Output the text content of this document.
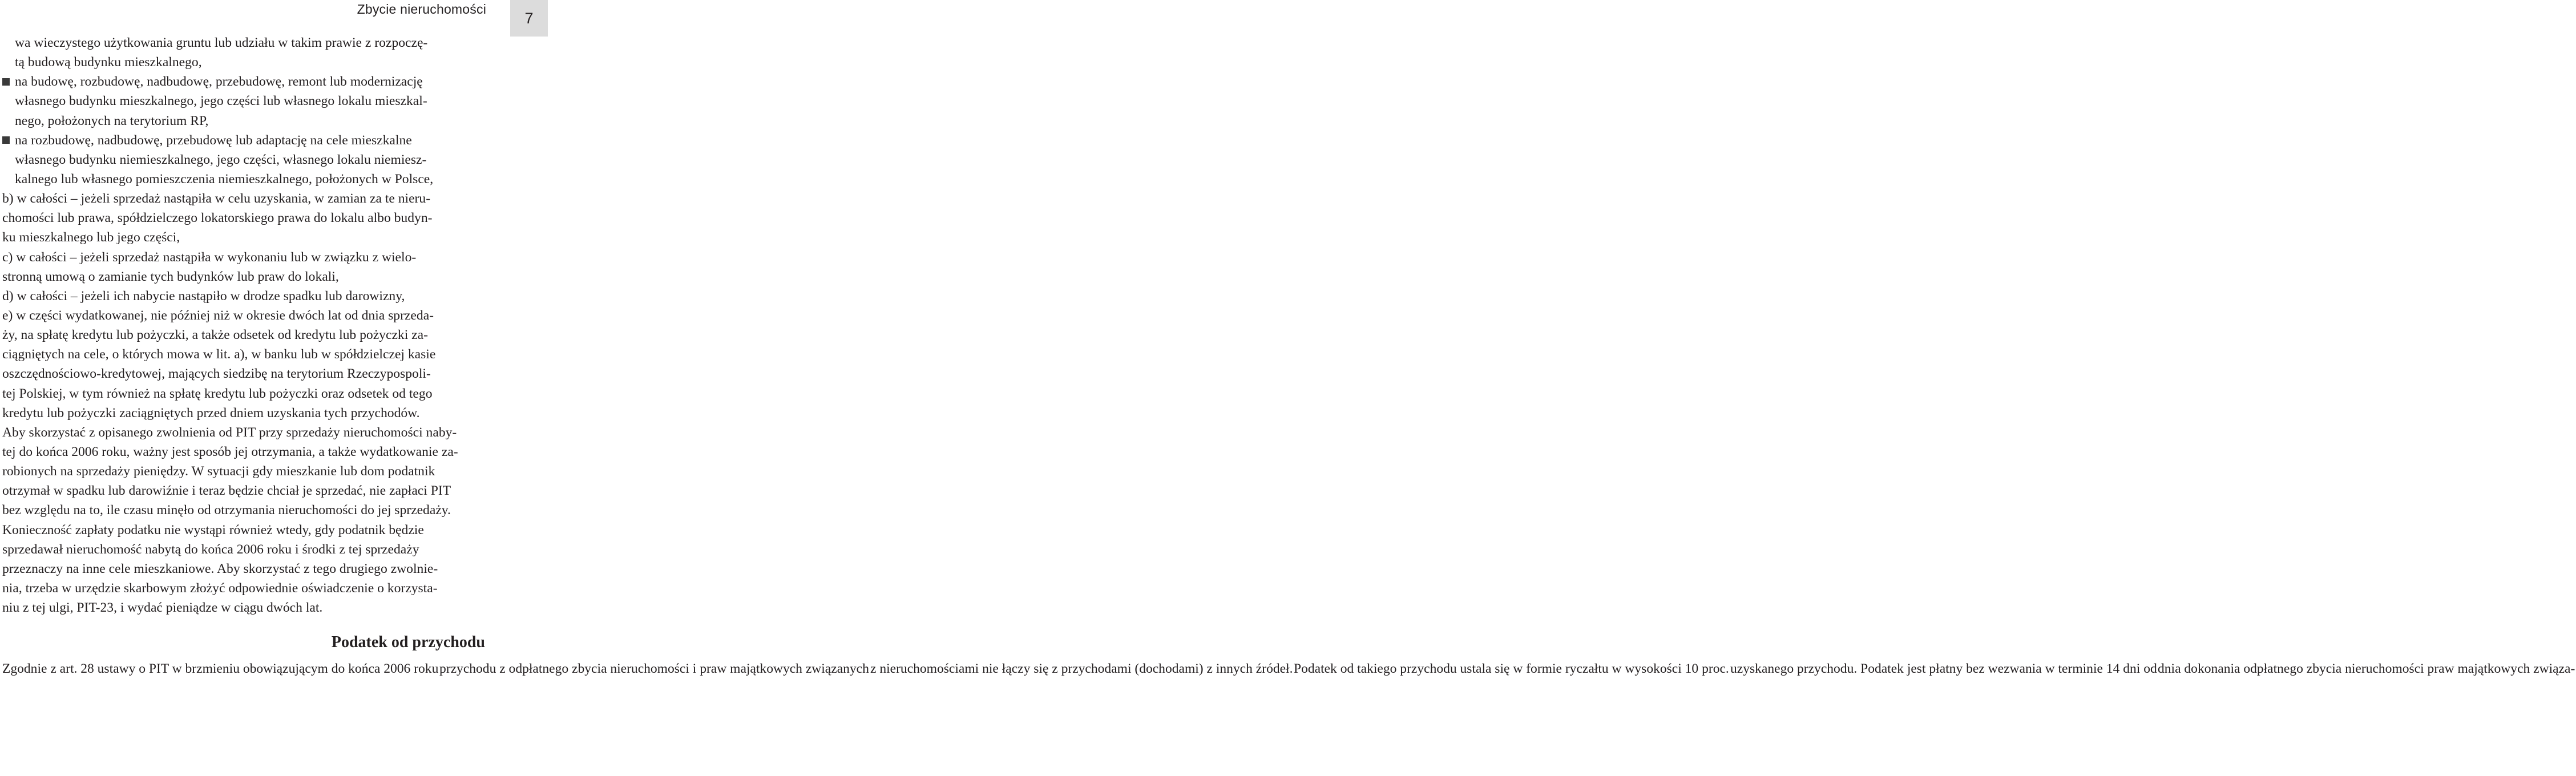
Zbycie nieruchomości
7
wa wieczystego użytkowania gruntu lub udziału w takim prawie z rozpoczę-
tą budową budynku mieszkalnego,
na budowę, rozbudowę, nadbudowę, przebudowę, remont lub modernizację
własnego budynku mieszkalnego, jego części lub własnego lokalu mieszkal-
nego, położonych na terytorium RP,
na rozbudowę, nadbudowę, przebudowę lub adaptację na cele mieszkalne
własnego budynku niemieszkalnego, jego części, własnego lokalu niemiesz-
kalnego lub własnego pomieszczenia niemieszkalnego, położonych w Polsce,
b) w całości – jeżeli sprzedaż nastąpiła w celu uzyskania, w zamian za te nieru-
chomości lub prawa, spółdzielczego lokatorskiego prawa do lokalu albo budyn-
ku mieszkalnego lub jego części,
c) w całości – jeżeli sprzedaż nastąpiła w wykonaniu lub w związku z wielo-
stronną umową o zamianie tych budynków lub praw do lokali,
d) w całości – jeżeli ich nabycie nastąpiło w drodze spadku lub darowizny,
e) w części wydatkowanej, nie później niż w okresie dwóch lat od dnia sprzeda-
ży, na spłatę kredytu lub pożyczki, a także odsetek od kredytu lub pożyczki za-
ciągniętych na cele, o których mowa w lit. a), w banku lub w spółdzielczej kasie
oszczędnościowo-kredytowej, mających siedzibę na terytorium Rzeczypospoli-
tej Polskiej, w tym również na spłatę kredytu lub pożyczki oraz odsetek od tego
kredytu lub pożyczki zaciągniętych przed dniem uzyskania tych przychodów.
Aby skorzystać z opisanego zwolnienia od PIT przy sprzedaży nieruchomości naby-
tej do końca 2006 roku, ważny jest sposób jej otrzymania, a także wydatkowanie za-
robionych na sprzedaży pieniędzy. W sytuacji gdy mieszkanie lub dom podatnik
otrzymał w spadku lub darowiźnie i teraz będzie chciał je sprzedać, nie zapłaci PIT
bez względu na to, ile czasu minęło od otrzymania nieruchomości do jej sprzedaży.
Konieczność zapłaty podatku nie wystąpi również wtedy, gdy podatnik będzie
sprzedawał nieruchomość nabytą do końca 2006 roku i środki z tej sprzedaży
przeznaczy na inne cele mieszkaniowe. Aby skorzystać z tego drugiego zwolnie-
nia, trzeba w urzędzie skarbowym złożyć odpowiednie oświadczenie o korzysta-
niu z tej ulgi, PIT-23, i wydać pieniądze w ciągu dwóch lat.
Podatek od przychodu
Zgodnie z art. 28 ustawy o PIT w brzmieniu obowiązującym do końca 2006 rokuprzychodu z odpłatnego zbycia nieruchomości i praw majątkowych związanychz nieruchomościami nie łączy się z przychodami (dochodami) z innych źródeł.Podatek od takiego przychodu ustala się w formie ryczałtu w wysokości 10 proc.uzyskanego przychodu. Podatek jest płatny bez wezwania w terminie 14 dni oddnia dokonania odpłatnego zbycia nieruchomości praw majątkowych związa-
